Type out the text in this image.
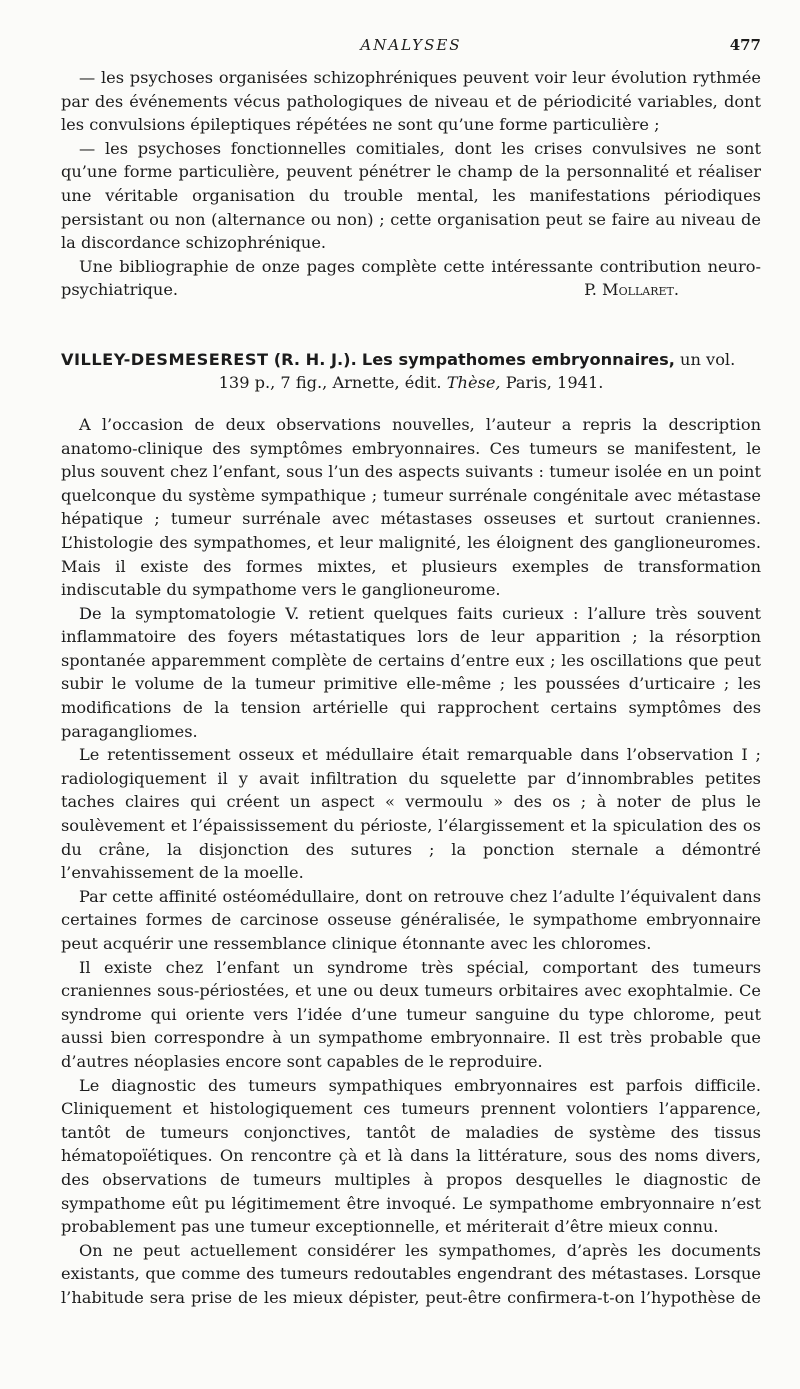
ANALYSES	477

— les psychoses organisées schizophréniques peuvent voir leur évolution rythmée par des événements vécus pathologiques de niveau et de périodicité variables, dont les convulsions épileptiques répétées ne sont qu’une forme particulière ;

— les psychoses fonctionnelles comitiales, dont les crises convulsives ne sont qu’une forme particulière, peuvent pénétrer le champ de la personnalité et réaliser une véritable organisation du trouble mental, les manifestations périodiques persistant ou non (alternance ou non) ; cette organisation peut se faire au niveau de la discordance schizophrénique.

Une bibliographie de onze pages complète cette intéressante contribution neuro-

psychiatrique.	P. Mollaret.
VILLEY-DESMESEREST (R. H. J.). Les sympathomes embryonnaires, un vol.
139 p., 7 fig., Arnette, édit. Thèse, Paris, 1941.

A l’occasion de deux observations nouvelles, l’auteur a repris la description anatomo-clinique des symptômes embryonnaires. Ces tumeurs se manifestent, le plus souvent chez l’enfant, sous l’un des aspects suivants : tumeur isolée en un point quelconque du système sympathique ; tumeur surrénale congénitale avec métastase hépatique ; tumeur surrénale avec métastases osseuses et surtout craniennes. L’histologie des sympathomes, et leur malignité, les éloignent des ganglioneuromes. Mais il existe des formes mixtes, et plusieurs exemples de transformation indiscutable du sympathome vers le ganglioneurome.

De la symptomatologie V. retient quelques faits curieux : l’allure très souvent inflammatoire des foyers métastatiques lors de leur apparition ; la résorption spontanée apparemment complète de certains d’entre eux ; les oscillations que peut subir le volume de la tumeur primitive elle-même ; les poussées d’urticaire ; les modifications de la tension artérielle qui rapprochent certains symptômes des paragangliomes.

Le retentissement osseux et médullaire était remarquable dans l’observation I ; radiologiquement il y avait infiltration du squelette par d’innombrables petites taches claires qui créent un aspect « vermoulu » des os ; à noter de plus le soulèvement et l’épaississement du périoste, l’élargissement et la spiculation des os du crâne, la disjonction des sutures ; la ponction sternale a démontré l’envahissement de la moelle.

Par cette affinité ostéomédullaire, dont on retrouve chez l’adulte l’équivalent dans certaines formes de carcinose osseuse généralisée, le sympathome embryonnaire peut acquérir une ressemblance clinique étonnante avec les chloromes.

Il existe chez l’enfant un syndrome très spécial, comportant des tumeurs craniennes sous-périostées, et une ou deux tumeurs orbitaires avec exophtalmie. Ce syndrome qui oriente vers l’idée d’une tumeur sanguine du type chlorome, peut aussi bien correspondre à un sympathome embryonnaire. Il est très probable que d’autres néoplasies encore sont capables de le reproduire.

Le diagnostic des tumeurs sympathiques embryonnaires est parfois difficile. Cliniquement et histologiquement ces tumeurs prennent volontiers l’apparence, tantôt de tumeurs conjonctives, tantôt de maladies de système des tissus hématopoïétiques. On rencontre çà et là dans la littérature, sous des noms divers, des observations de tumeurs multiples à propos desquelles le diagnostic de sympathome eût pu légitimement être invoqué. Le sympathome embryonnaire n’est probablement pas une tumeur exceptionnelle, et mériterait d’être mieux connu.

On ne peut actuellement considérer les sympathomes, d’après les documents existants, que comme des tumeurs redoutables engendrant des métastases. Lorsque l’habitude sera prise de les mieux dépister, peut-être confirmera-t-on l’hypothèse de
